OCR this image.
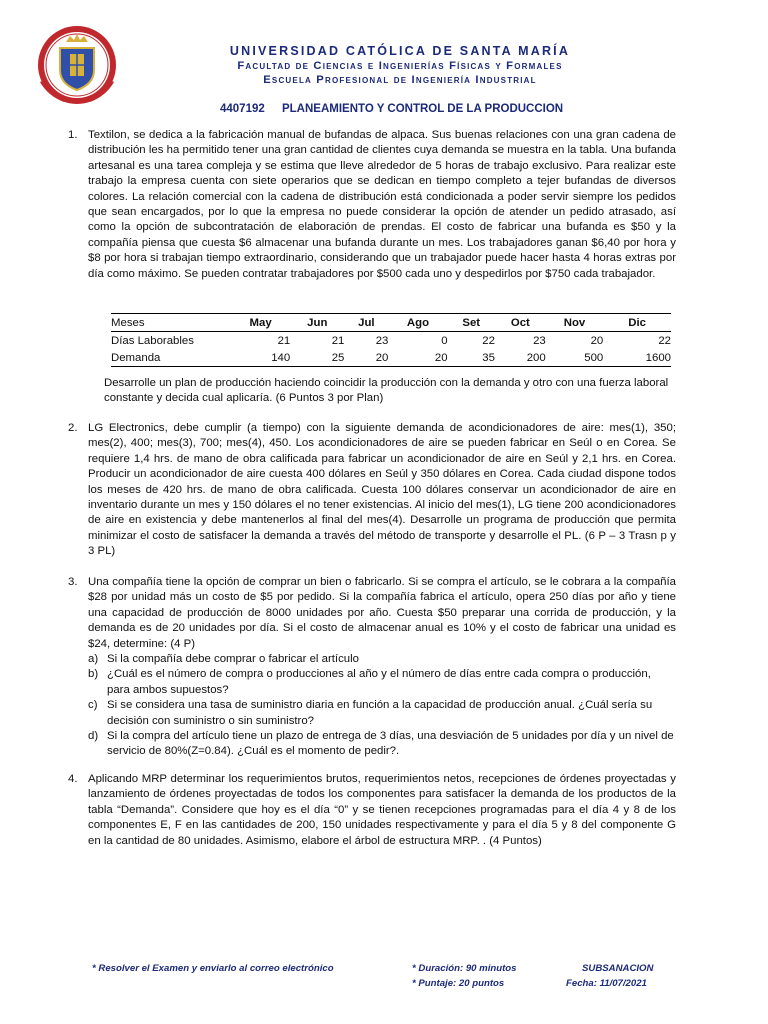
UNIVERSIDAD CATÓLICA DE SANTA MARÍA
Facultad de Ciencias e Ingenierías Físicas y Formales
Escuela Profesional de Ingeniería Industrial
4407192 PLANEAMIENTO Y CONTROL DE LA PRODUCCION
1. Textilon, se dedica a la fabricación manual de bufandas de alpaca. Sus buenas relaciones con una gran cadena de distribución les ha permitido tener una gran cantidad de clientes cuya demanda se muestra en la tabla. Una bufanda artesanal es una tarea compleja y se estima que lleve alrededor de 5 horas de trabajo exclusivo. Para realizar este trabajo la empresa cuenta con siete operarios que se dedican en tiempo completo a tejer bufandas de diversos colores. La relación comercial con la cadena de distribución está condicionada a poder servir siempre los pedidos que sean encargados, por lo que la empresa no puede considerar la opción de atender un pedido atrasado, así como la opción de subcontratación de elaboración de prendas. El costo de fabricar una bufanda es $50 y la compañía piensa que cuesta $6 almacenar una bufanda durante un mes. Los trabajadores ganan $6,40 por hora y $8 por hora si trabajan tiempo extraordinario, considerando que un trabajador puede hacer hasta 4 horas extras por día como máximo. Se pueden contratar trabajadores por $500 cada uno y despedirlos por $750 cada trabajador.

Meses	May	Jun	Jul	Ago	Set	Oct	Nov	Dic
Días Laborables	21	21	23	0	22	23	20	22
Demanda	140	25	20	20	35	200	500	1600

Desarrolle un plan de producción haciendo coincidir la producción con la demanda y otro con una fuerza laboral constante y decida cual aplicaría. (6 Puntos 3 por Plan)

2. LG Electronics, debe cumplir (a tiempo) con la siguiente demanda de acondicionadores de aire: mes(1), 350; mes(2), 400; mes(3), 700; mes(4), 450. Los acondicionadores de aire se pueden fabricar en Seúl o en Corea. Se requiere 1,4 hrs. de mano de obra calificada para fabricar un acondicionador de aire en Seúl y 2,1 hrs. en Corea. Producir un acondicionador de aire cuesta 400 dólares en Seúl y 350 dólares en Corea. Cada ciudad dispone todos los meses de 420 hrs. de mano de obra calificada. Cuesta 100 dólares conservar un acondicionador de aire en inventario durante un mes y 150 dólares el no tener existencias. Al inicio del mes(1), LG tiene 200 acondicionadores de aire en existencia y debe mantenerlos al final del mes(4). Desarrolle un programa de producción que permita minimizar el costo de satisfacer la demanda a través del método de transporte y desarrolle el PL. (6 P – 3 Trasn p y 3 PL)

3. Una compañía tiene la opción de comprar un bien o fabricarlo. Si se compra el artículo, se le cobrara a la compañía $28 por unidad más un costo de $5 por pedido. Si la compañía fabrica el artículo, opera 250 días por año y tiene una capacidad de producción de 8000 unidades por año. Cuesta $50 preparar una corrida de producción, y la demanda es de 20 unidades por día. Si el costo de almacenar anual es 10% y el costo de fabricar una unidad es $24, determine: (4 P)

a) Si la compañía debe comprar o fabricar el artículo
b) ¿Cuál es el número de compra o producciones al año y el número de días entre cada compra o producción, para ambos supuestos?
c) Si se considera una tasa de suministro diaria en función a la capacidad de producción anual. ¿Cuál sería su decisión con suministro o sin suministro?
d) Si la compra del artículo tiene un plazo de entrega de 3 días, una desviación de 5 unidades por día y un nivel de servicio de 80%(Z=0.84). ¿Cuál es el momento de pedir?.
4. Aplicando MRP determinar los requerimientos brutos, requerimientos netos, recepciones de órdenes proyectadas y lanzamiento de órdenes proyectadas de todos los componentes para satisfacer la demanda de los productos de la tabla “Demanda”. Considere que hoy es el día “0” y se tienen recepciones programadas para el día 4 y 8 de los componentes E, F en las cantidades de 200, 150 unidades respectivamente y para el día 5 y 8 del componente G en la cantidad de 80 unidades. Asimismo, elabore el árbol de estructura MRP. . (4 Puntos)

* Resolver el Examen y enviarlo al correo electrónico	* Duración: 90 minutos
* Puntaje: 20 puntos
SUBSANACION
Fecha: 11/07/2021
